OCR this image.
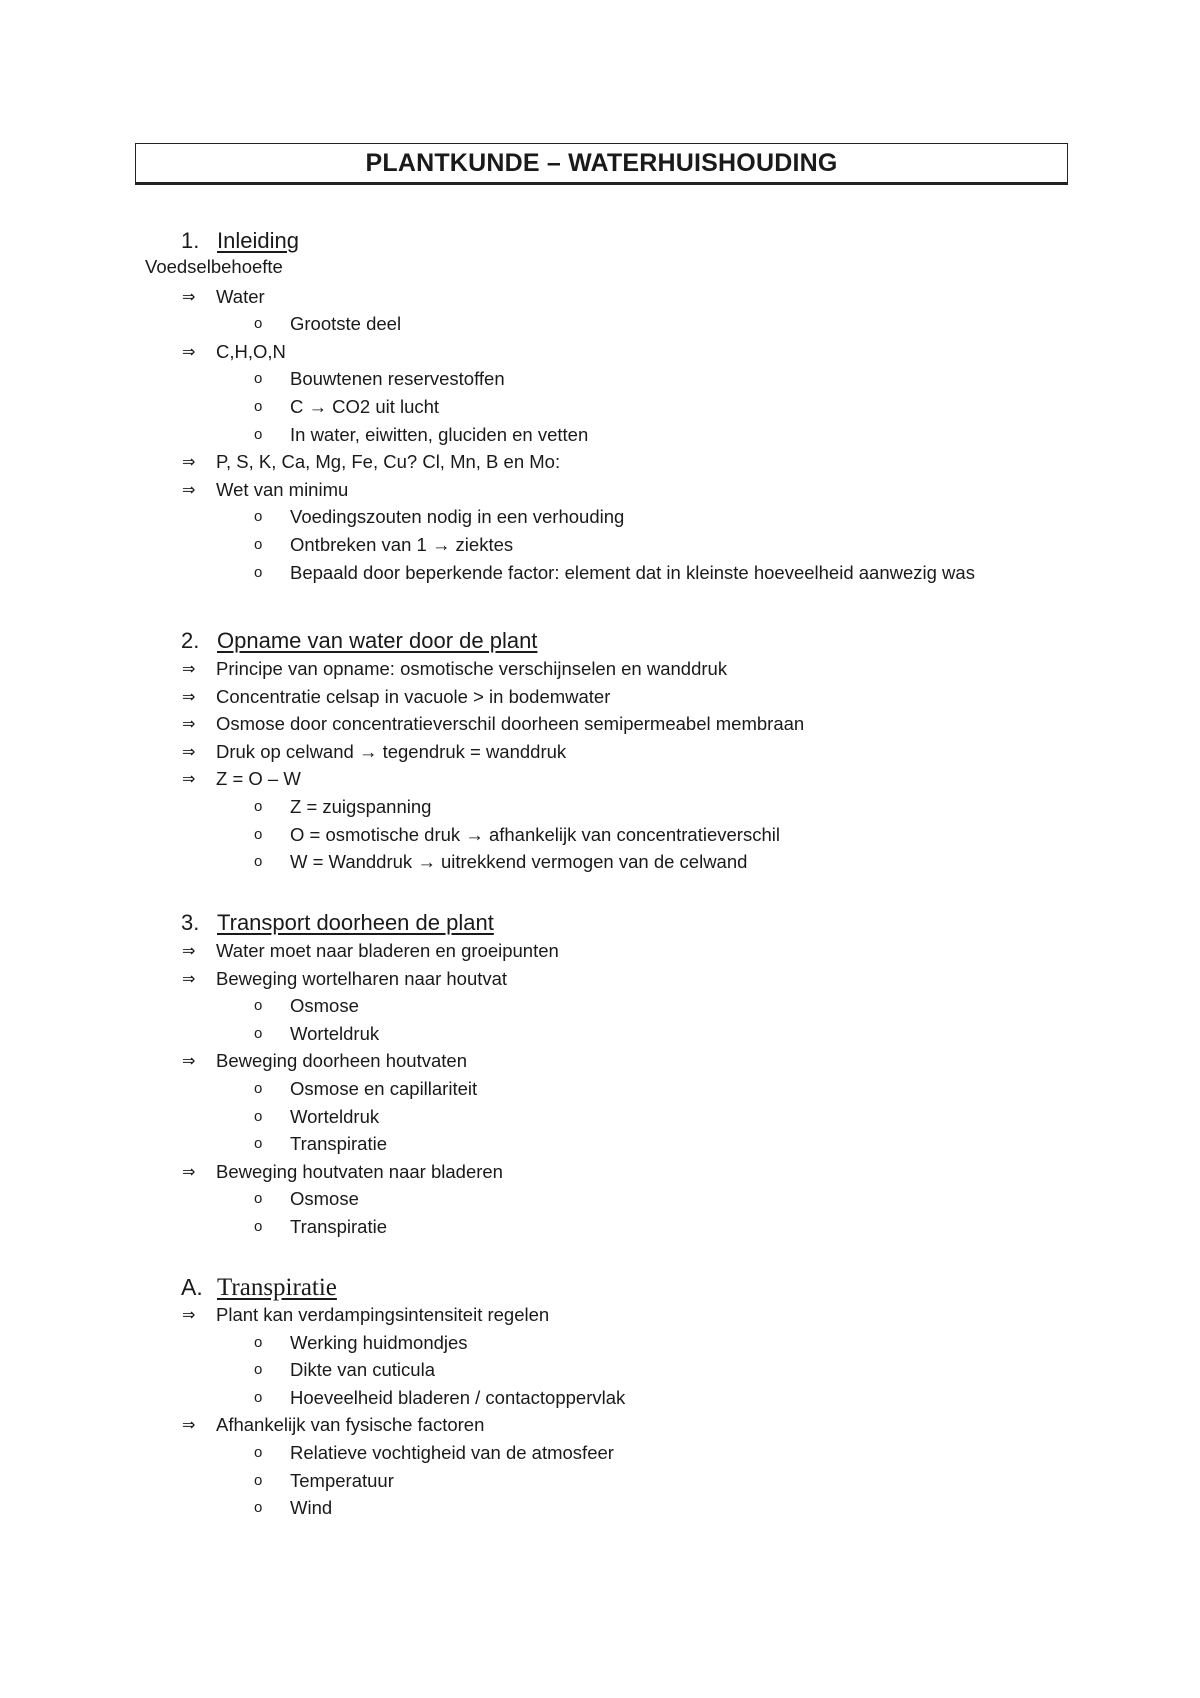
PLANTKUNDE – WATERHUISHOUDING
1. Inleiding
Voedselbehoefte
⇒ Water
o Grootste deel
⇒ C,H,O,N
o Bouwtenen reservestoffen
o C → CO2 uit lucht
o In water, eiwitten, gluciden en vetten
⇒ P, S, K, Ca, Mg, Fe, Cu? Cl, Mn, B en Mo:
⇒ Wet van minimu
o Voedingszouten nodig in een verhouding
o Ontbreken van 1 → ziektes
o Bepaald door beperkende factor: element dat in kleinste hoeveelheid aanwezig was
2. Opname van water door de plant
⇒ Principe van opname: osmotische verschijnselen en wanddruk
⇒ Concentratie celsap in vacuole > in bodemwater
⇒ Osmose door concentratieverschil doorheen semipermeabel membraan
⇒ Druk op celwand → tegendruk = wanddruk
⇒ Z = O – W
o Z = zuigspanning
o O = osmotische druk → afhankelijk van concentratieverschil
o W = Wanddruk → uitrekkend vermogen van de celwand
3. Transport doorheen de plant
⇒ Water moet naar bladeren en groeipunten
⇒ Beweging wortelharen naar houtvat
o Osmose
o Worteldruk
⇒ Beweging doorheen houtvaten
o Osmose en capillariteit
o Worteldruk
o Transpiratie
⇒ Beweging houtvaten naar bladeren
o Osmose
o Transpiratie
A. Transpiratie
⇒ Plant kan verdampingsintensiteit regelen
o Werking huidmondjes
o Dikte van cuticula
o Hoeveelheid bladeren / contactoppervlak
⇒ Afhankelijk van fysische factoren
o Relatieve vochtigheid van de atmosfeer
o Temperatuur
o Wind
